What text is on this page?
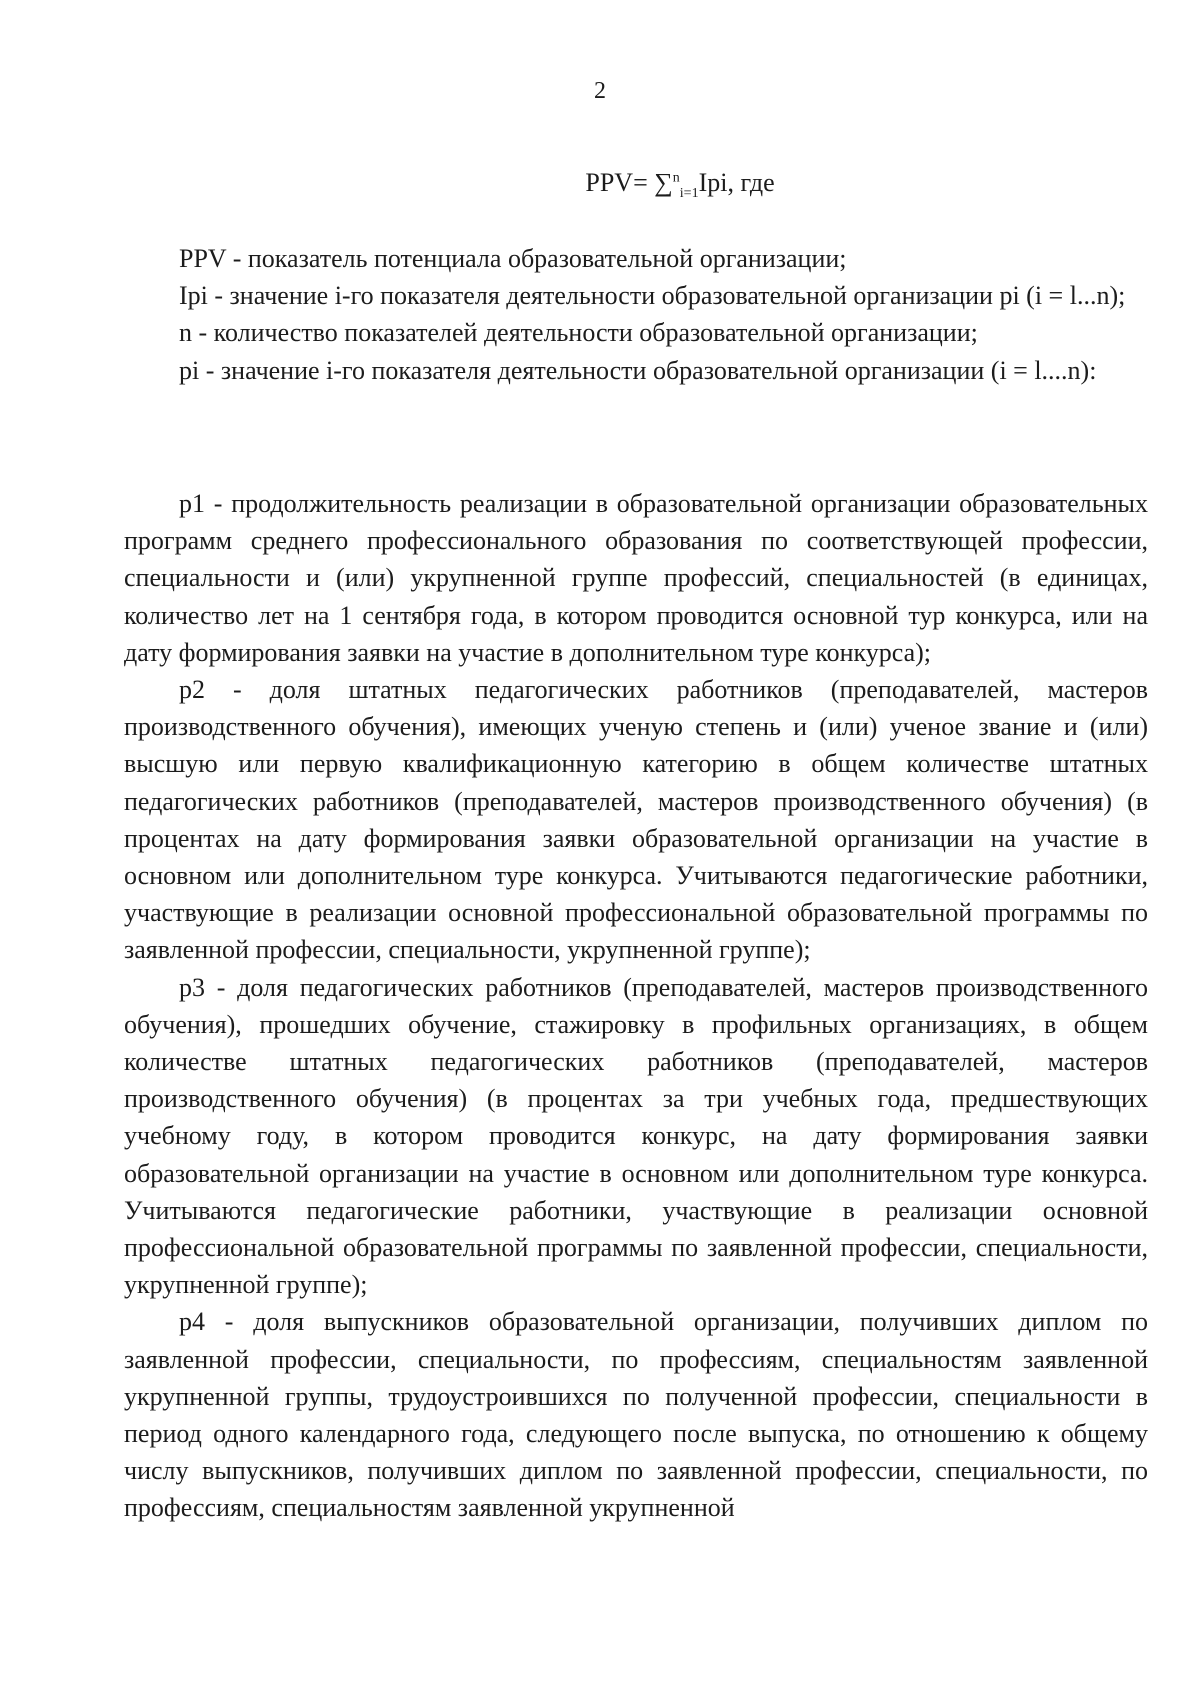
2
PPV= ∑$^n_{i=1}$Ipi, где

PPV - показатель потенциала образовательной организации;

Ipi - значение i-го показателя деятельности образовательной организации pi (i = l...n);

n - количество показателей деятельности образовательной организации;

pi - значение i-го показателя деятельности образовательной организации (i = l....n):

p1 - продолжительность реализации в образовательной организации образовательных программ среднего профессионального образования по соответствующей профессии, специальности и (или) укрупненной группе профессий, специальностей (в единицах, количество лет на 1 сентября года, в котором проводится основной тур конкурса, или на дату формирования заявки на участие в дополнительном туре конкурса);

p2 - доля штатных педагогических работников (преподавателей, мастеров производственного обучения), имеющих ученую степень и (или) ученое звание и (или) высшую или первую квалификационную категорию в общем количестве штатных педагогических работников (преподавателей, мастеров производственного обучения) (в процентах на дату формирования заявки образовательной организации на участие в основном или дополнительном туре конкурса. Учитываются педагогические работники, участвующие в реализации основной профессиональной образовательной программы по заявленной профессии, специальности, укрупненной группе);

p3 - доля педагогических работников (преподавателей, мастеров производственного обучения), прошедших обучение, стажировку в профильных организациях, в общем количестве штатных педагогических работников (преподавателей, мастеров производственного обучения) (в процентах за три учебных года, предшествующих учебному году, в котором проводится конкурс, на дату формирования заявки образовательной организации на участие в основном или дополнительном туре конкурса. Учитываются педагогические работники, участвующие в реализации основной профессиональной образовательной программы по заявленной профессии, специальности, укрупненной группе);

p4 - доля выпускников образовательной организации, получивших диплом по заявленной профессии, специальности, по профессиям, специальностям заявленной укрупненной группы, трудоустроившихся по полученной профессии, специальности в период одного календарного года, следующего после выпуска, по отношению к общему числу выпускников, получивших диплом по заявленной профессии, специальности, по профессиям, специальностям заявленной укрупненной
